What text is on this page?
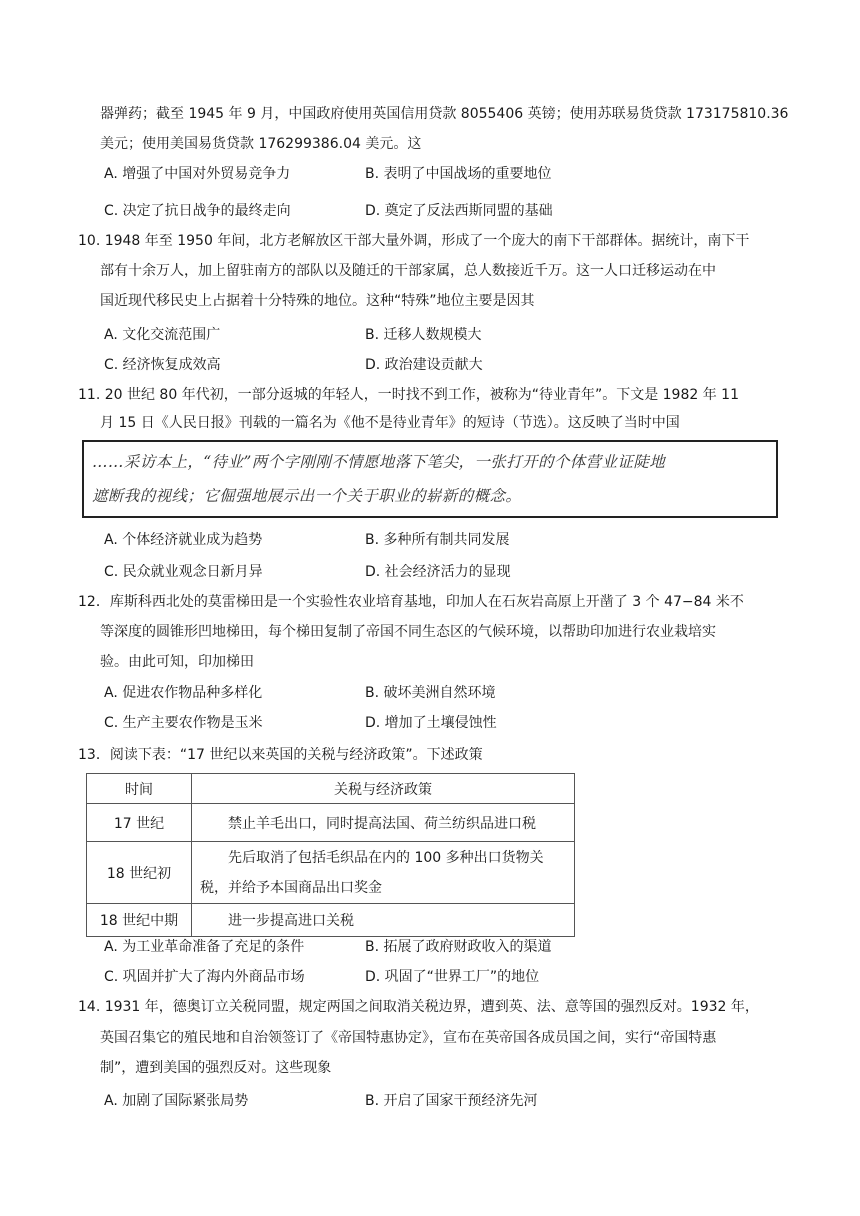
器弹药；截至 1945 年 9 月，中国政府使用英国信用贷款 8055406 英镑；使用苏联易货贷款 173175810.36
美元；使用美国易货贷款 176299386.04 美元。这
A. 增强了中国对外贸易竞争力	B. 表明了中国战场的重要地位
C. 决定了抗日战争的最终走向	D. 奠定了反法西斯同盟的基础
10. 1948 年至 1950 年间，北方老解放区干部大量外调，形成了一个庞大的南下干部群体。据统计，南下干
部有十余万人，加上留驻南方的部队以及随迁的干部家属，总人数接近千万。这一人口迁移运动在中
国近现代移民史上占据着十分特殊的地位。这种“特殊”地位主要是因其
A. 文化交流范围广	B. 迁移人数规模大
C. 经济恢复成效高	D. 政治建设贡献大
11. 20 世纪 80 年代初，一部分返城的年轻人，一时找不到工作，被称为“待业青年”。下文是 1982 年 11
月 15 日《人民日报》刊载的一篇名为《他不是待业青年》的短诗（节选）。这反映了当时中国
……采访本上，“待业”两个字刚刚不情愿地落下笔尖，一张打开的个体营业证陡地
遮断我的视线；它倔强地展示出一个关于职业的崭新的概念。
A. 个体经济就业成为趋势	B. 多种所有制共同发展
C. 民众就业观念日新月异	D. 社会经济活力的显现
12．库斯科西北处的莫雷梯田是一个实验性农业培育基地，印加人在石灰岩高原上开凿了 3 个 47−84 米不
等深度的圆锥形凹地梯田，每个梯田复制了帝国不同生态区的气候环境，以帮助印加进行农业栽培实
验。由此可知，印加梯田
A. 促进农作物品种多样化	B. 破坏美洲自然环境
C. 生产主要农作物是玉米	D. 增加了土壤侵蚀性
13．阅读下表：“17 世纪以来英国的关税与经济政策”。下述政策
时间	关税与经济政策
17 世纪	禁止羊毛出口，同时提高法国、荷兰纺织品进口税
18 世纪初	先后取消了包括毛织品在内的 100 多种出口货物关
税，并给予本国商品出口奖金

18 世纪中期	进一步提高进口关税
A. 为工业革命准备了充足的条件	B. 拓展了政府财政收入的渠道
C. 巩固并扩大了海内外商品市场	D. 巩固了“世界工厂”的地位
14. 1931 年，德奥订立关税同盟，规定两国之间取消关税边界，遭到英、法、意等国的强烈反对。1932 年，
英国召集它的殖民地和自治领签订了《帝国特惠协定》，宣布在英帝国各成员国之间，实行“帝国特惠
制”，遭到美国的强烈反对。这些现象
A. 加剧了国际紧张局势	B. 开启了国家干预经济先河
